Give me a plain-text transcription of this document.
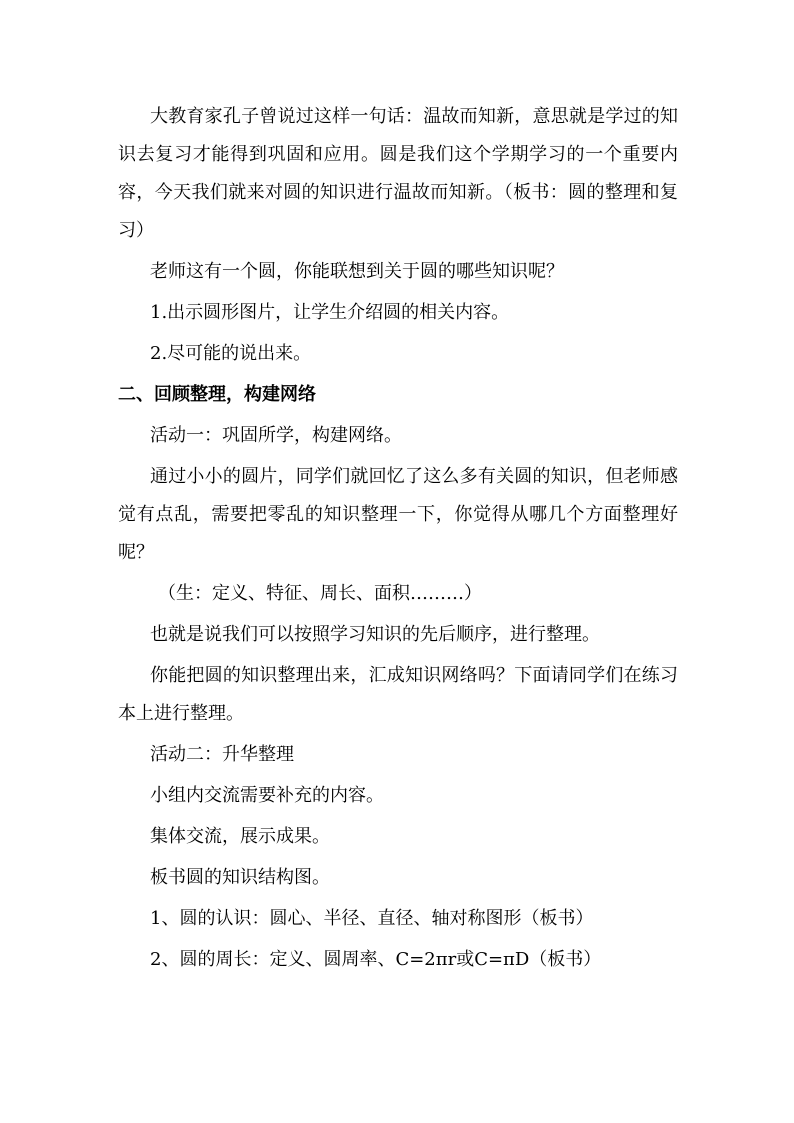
大教育家孔子曾说过这样一句话：温故而知新，意思就是学过的知识去复习才能得到巩固和应用。圆是我们这个学期学习的一个重要内容，今天我们就来对圆的知识进行温故而知新。（板书：圆的整理和复习）

老师这有一个圆，你能联想到关于圆的哪些知识呢？

1.出示圆形图片，让学生介绍圆的相关内容。

2.尽可能的说出来。

二、回顾整理，构建网络

活动一：巩固所学，构建网络。

通过小小的圆片，同学们就回忆了这么多有关圆的知识，但老师感觉有点乱，需要把零乱的知识整理一下，你觉得从哪几个方面整理好呢？

（生：定义、特征、周长、面积………）

也就是说我们可以按照学习知识的先后顺序，进行整理。

你能把圆的知识整理出来，汇成知识网络吗？下面请同学们在练习本上进行整理。

活动二：升华整理

小组内交流需要补充的内容。

集体交流，展示成果。

板书圆的知识结构图。

1、圆的认识：圆心、半径、直径、轴对称图形（板书）

2、圆的周长：定义、圆周率、C=2πr或C=πD（板书）
